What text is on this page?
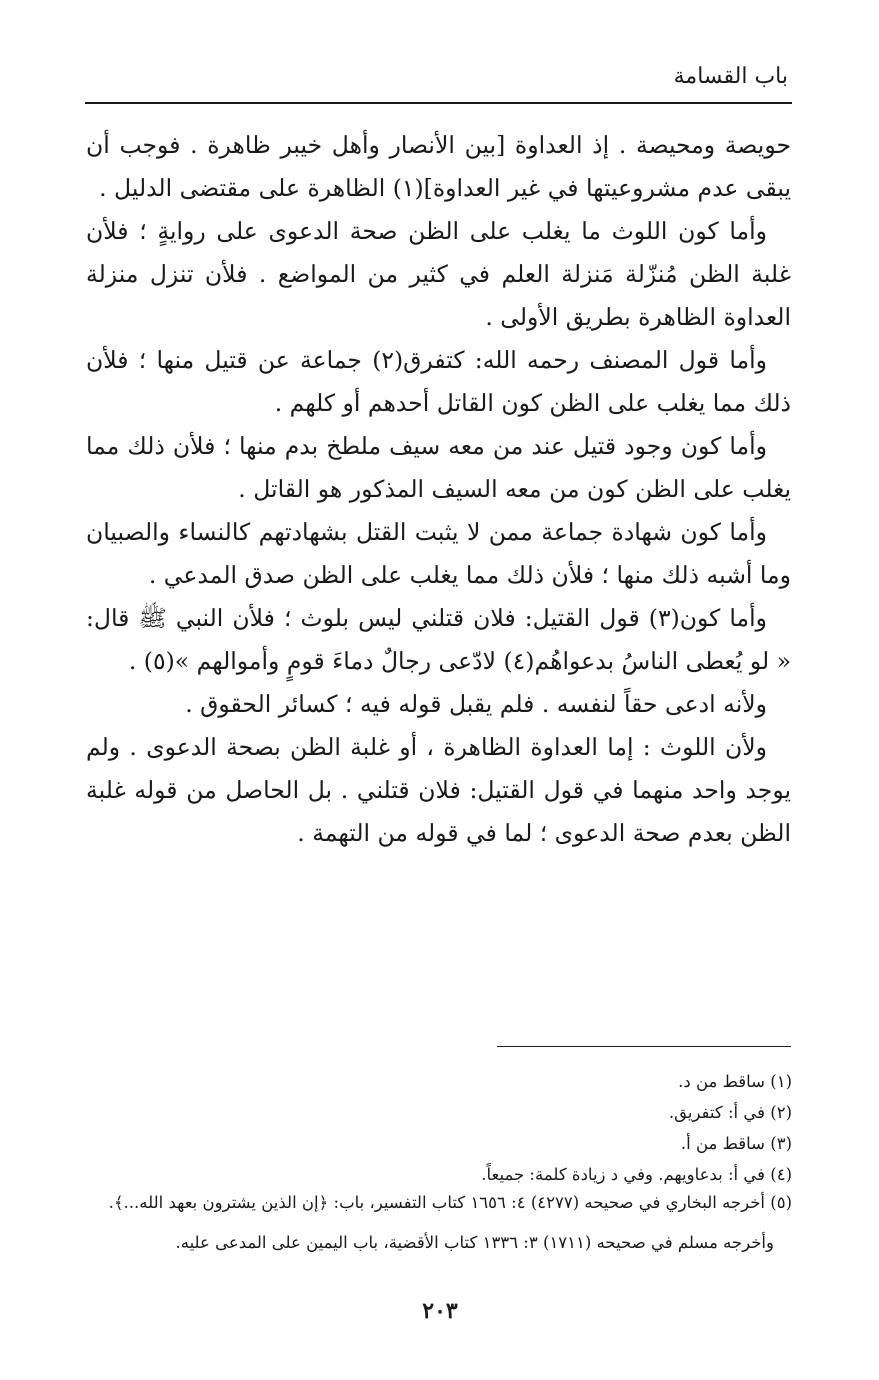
باب القسامة

حويصة ومحيصة . إذ العداوة [بين الأنصار وأهل خيبر ظاهرة . فوجب أن يبقى عدم مشروعيتها في غير العداوة](١) الظاهرة على مقتضى الدليل .

وأما كون اللوث ما يغلب على الظن صحة الدعوى على روايةٍ ؛ فلأن غلبة الظن مُنزّلة مَنزلة العلم في كثير من المواضع . فلأن تنزل منزلة العداوة الظاهرة بطريق الأولى .

وأما قول المصنف رحمه الله: كتفرق(٢) جماعة عن قتيل منها ؛ فلأن ذلك مما يغلب على الظن كون القاتل أحدهم أو كلهم .

وأما كون وجود قتيل عند من معه سيف ملطخ بدم منها ؛ فلأن ذلك مما يغلب على الظن كون من معه السيف المذكور هو القاتل .

وأما كون شهادة جماعة ممن لا يثبت القتل بشهادتهم كالنساء والصبيان وما أشبه ذلك منها ؛ فلأن ذلك مما يغلب على الظن صدق المدعي .

وأما كون(٣) قول القتيل: فلان قتلني ليس بلوث ؛ فلأن النبي ﷺ قال: « لو يُعطى الناسُ بدعواهُم(٤) لادّعى رجالٌ دماءَ قومٍ وأموالهم »(٥) .

ولأنه ادعى حقاً لنفسه . فلم يقبل قوله فيه ؛ كسائر الحقوق .

ولأن اللوث : إما العداوة الظاهرة ، أو غلبة الظن بصحة الدعوى . ولم يوجد واحد منهما في قول القتيل: فلان قتلني . بل الحاصل من قوله غلبة الظن بعدم صحة الدعوى ؛ لما في قوله من التهمة .

(١) ساقط من د.

(٢) في أ: كتفريق.

(٣) ساقط من أ.

(٤) في أ: بدعاويهم. وفي د زيادة كلمة: جميعاً.

(٥) أخرجه البخاري في صحيحه (٤٢٧٧) ٤: ١٦٥٦ كتاب التفسير، باب: ﴿إن الذين يشترون بعهد الله...﴾.

وأخرجه مسلم في صحيحه (١٧١١) ٣: ١٣٣٦ كتاب الأقضية، باب اليمين على المدعى عليه.

٢٠٣
